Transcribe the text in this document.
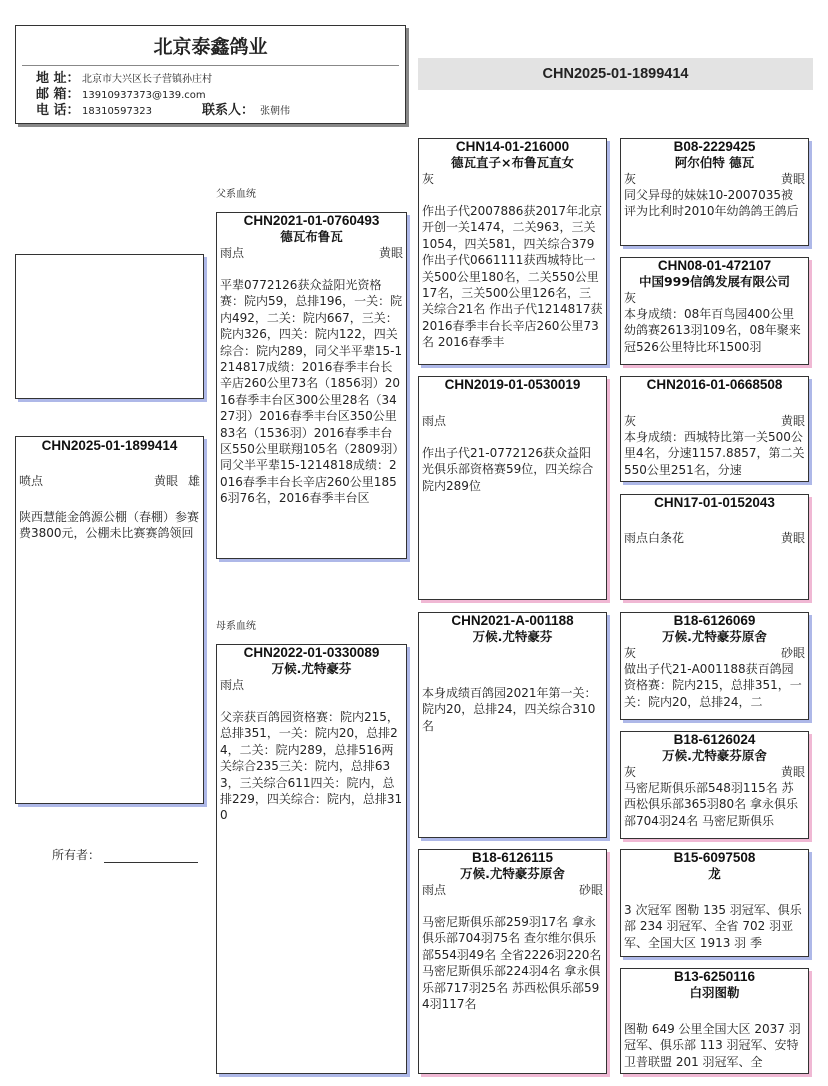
北京泰鑫鸽业
地 址： 北京市大兴区长子营镇孙庄村
邮 箱： 13910937373@139.com
电 话： 18310597323	联系人： 张朝伟
CHN2025-01-1899414
CHN2025-01-1899414
喷点	黄眼 雄
陕西慧能金鸽源公棚（春棚）参赛费3800元，公棚未比赛赛鸽领回
父系血统
母系血统
所有者：
CHN2021-01-0760493
德瓦布鲁瓦
雨点	黄眼
平辈0772126获众益阳光资格赛：院内59，总排196，一关：院内492，二关：院内667，三关：院内326，四关：院内122，四关综合：院内289，同父半平辈15-1214817成绩：2016春季丰台长辛店260公里73名（1856羽）2016春季丰台区300公里28名（3427羽）2016春季丰台区350公里83名（1536羽）2016春季丰台区550公里联翔105名（2809羽）同父半平辈15-1214818成绩：2016春季丰台长辛店260公里1856羽76名，2016春季丰台区
CHN2022-01-0330089
万候.尤特豪芬
雨点
父亲获百鸽园资格赛：院内215，总排351，一关：院内20，总排24，二关：院内289，总排516两关综合235三关：院内，总排633，三关综合611四关：院内，总排229，四关综合：院内，总排310
CHN14-01-216000
德瓦直子×布鲁瓦直女
灰
作出子代2007886获2017年北京开创一关1474，二关963，三关1054，四关581，四关综合379 作出子代0661111获西城特比一关500公里180名，二关550公里17名，三关500公里126名，三关综合21名 作出子代1214817获2016春季丰台长辛店260公里73名 2016春季丰
CHN2019-01-0530019
雨点
作出子代21-0772126获众益阳光俱乐部资格赛59位，四关综合院内289位
CHN2021-A-001188
万候.尤特豪芬
本身成绩百鸽园2021年第一关：院内20，总排24，四关综合310名
B18-6126115
万候.尤特豪芬原舍
雨点	砂眼
马密尼斯俱乐部259羽17名 拿永俱乐部704羽75名 查尔维尔俱乐部554羽49名 全省2226羽220名 马密尼斯俱乐部224羽4名 拿永俱乐部717羽25名 苏西松俱乐部594羽117名
B08-2229425
阿尔伯特 德瓦
灰	黄眼
同父异母的妹妹10-2007035被评为比利时2010年幼鸽鸽王鸽后
CHN08-01-472107
中国999信鸽发展有限公司
灰
本身成绩：08年百鸟园400公里幼鸽赛2613羽109名，08年聚来冠526公里特比环1500羽
CHN2016-01-0668508
灰	黄眼
本身成绩：西城特比第一关500公里4名，分速1157.8857，第二关550公里251名，分速
CHN17-01-0152043
雨点白条花	黄眼
B18-6126069
万候.尤特豪芬原舍
灰	砂眼
做出子代21-A001188获百鸽园资格赛：院内215，总排351，一关：院内20，总排24，二
B18-6126024
万候.尤特豪芬原舍
灰	黄眼
马密尼斯俱乐部548羽115名 苏西松俱乐部365羽80名 拿永俱乐部704羽24名 马密尼斯俱乐
B15-6097508
龙
3 次冠军 图勒 135 羽冠军、俱乐部 234 羽冠军、全省 702 羽亚军、全国大区 1913 羽 季
B13-6250116
白羽图勒
图勒 649 公里全国大区 2037 羽冠军、俱乐部 113 羽冠军、安特卫普联盟 201 羽冠军、全
